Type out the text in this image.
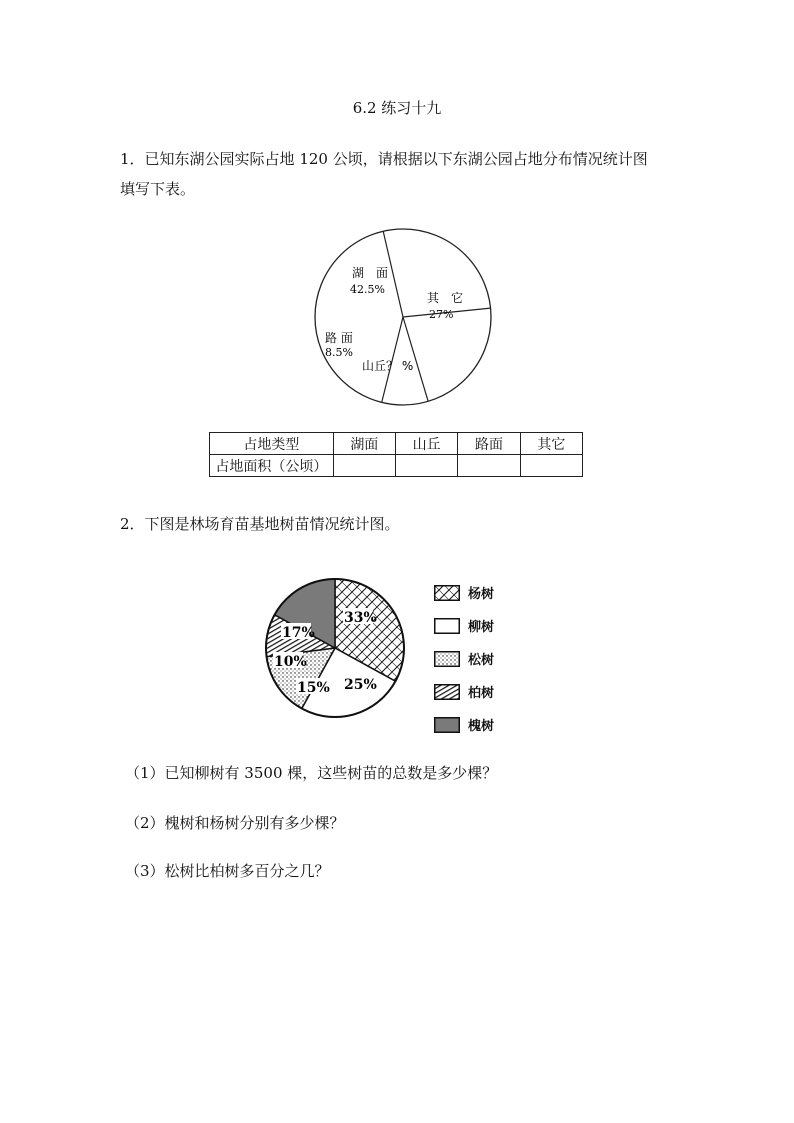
6.2 练习十九
1．已知东湖公园实际占地 120 公顷，请根据以下东湖公园占地分布情况统计图
填写下表。
湖　面
42.5%
其　它
27%
路 面
8.5%
山丘？ %
占地类型	湖面	山丘	路面	其它
占地面积（公顷）				
2．下图是林场育苗基地树苗情况统计图。
33%
25%
15%
10%
17%
杨树
柳树
松树
柏树
槐树
（1）已知柳树有 3500 棵，这些树苗的总数是多少棵？
（2）槐树和杨树分别有多少棵？
（3）松树比柏树多百分之几？
